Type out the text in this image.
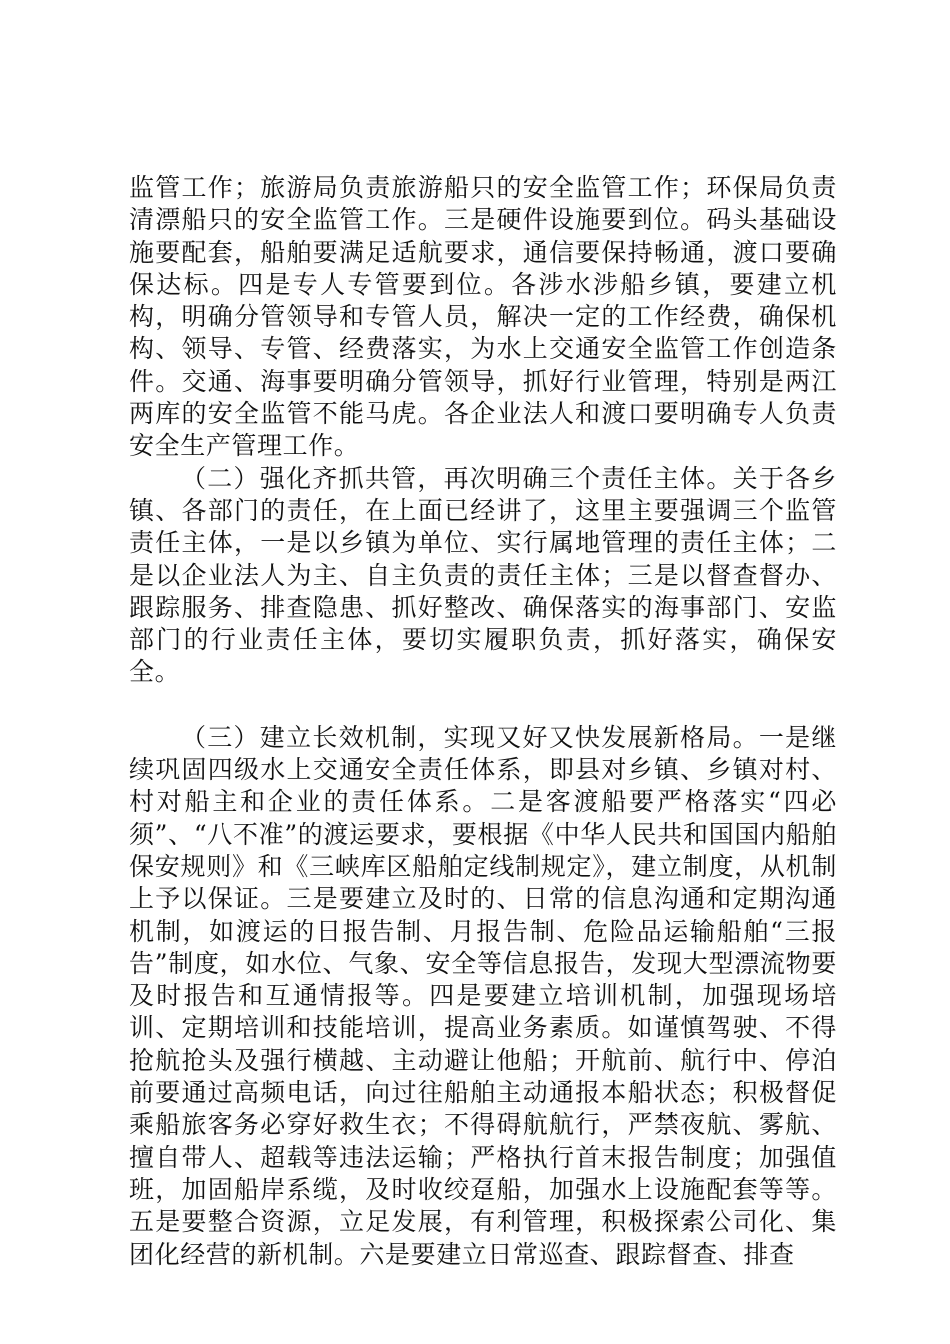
监管工作；旅游局负责旅游船只的安全监管工作；环保局负责清漂船只的安全监管工作。三是硬件设施要到位。码头基础设施要配套，船舶要满足适航要求，通信要保持畅通，渡口要确保达标。四是专人专管要到位。各涉水涉船乡镇，要建立机构，明确分管领导和专管人员，解决一定的工作经费，确保机构、领导、专管、经费落实，为水上交通安全监管工作创造条件。交通、海事要明确分管领导，抓好行业管理，特别是两江两库的安全监管不能马虎。各企业法人和渡口要明确专人负责安全生产管理工作。

（二）强化齐抓共管，再次明确三个责任主体。关于各乡镇、各部门的责任，在上面已经讲了，这里主要强调三个监管责任主体，一是以乡镇为单位、实行属地管理的责任主体；二是以企业法人为主、自主负责的责任主体；三是以督查督办、跟踪服务、排查隐患、抓好整改、确保落实的海事部门、安监部门的行业责任主体，要切实履职负责，抓好落实，确保安全。

（三）建立长效机制，实现又好又快发展新格局。一是继续巩固四级水上交通安全责任体系，即县对乡镇、乡镇对村、村对船主和企业的责任体系。二是客渡船要严格落实“四必须”、“八不准”的渡运要求，要根据《中华人民共和国国内船舶保安规则》和《三峡库区船舶定线制规定》，建立制度，从机制上予以保证。三是要建立及时的、日常的信息沟通和定期沟通机制，如渡运的日报告制、月报告制、危险品运输船舶“三报告”制度，如水位、气象、安全等信息报告，发现大型漂流物要及时报告和互通情报等。四是要建立培训机制，加强现场培训、定期培训和技能培训，提高业务素质。如谨慎驾驶、不得抢航抢头及强行横越、主动避让他船；开航前、航行中、停泊前要通过高频电话，向过往船舶主动通报本船状态；积极督促乘船旅客务必穿好救生衣；不得碍航航行，严禁夜航、雾航、擅自带人、超载等违法运输；严格执行首末报告制度；加强值班，加固船岸系缆，及时收绞趸船，加强水上设施配套等等。五是要整合资源，立足发展，有利管理，积极探索公司化、集团化经营的新机制。六是要建立日常巡查、跟踪督查、排查
